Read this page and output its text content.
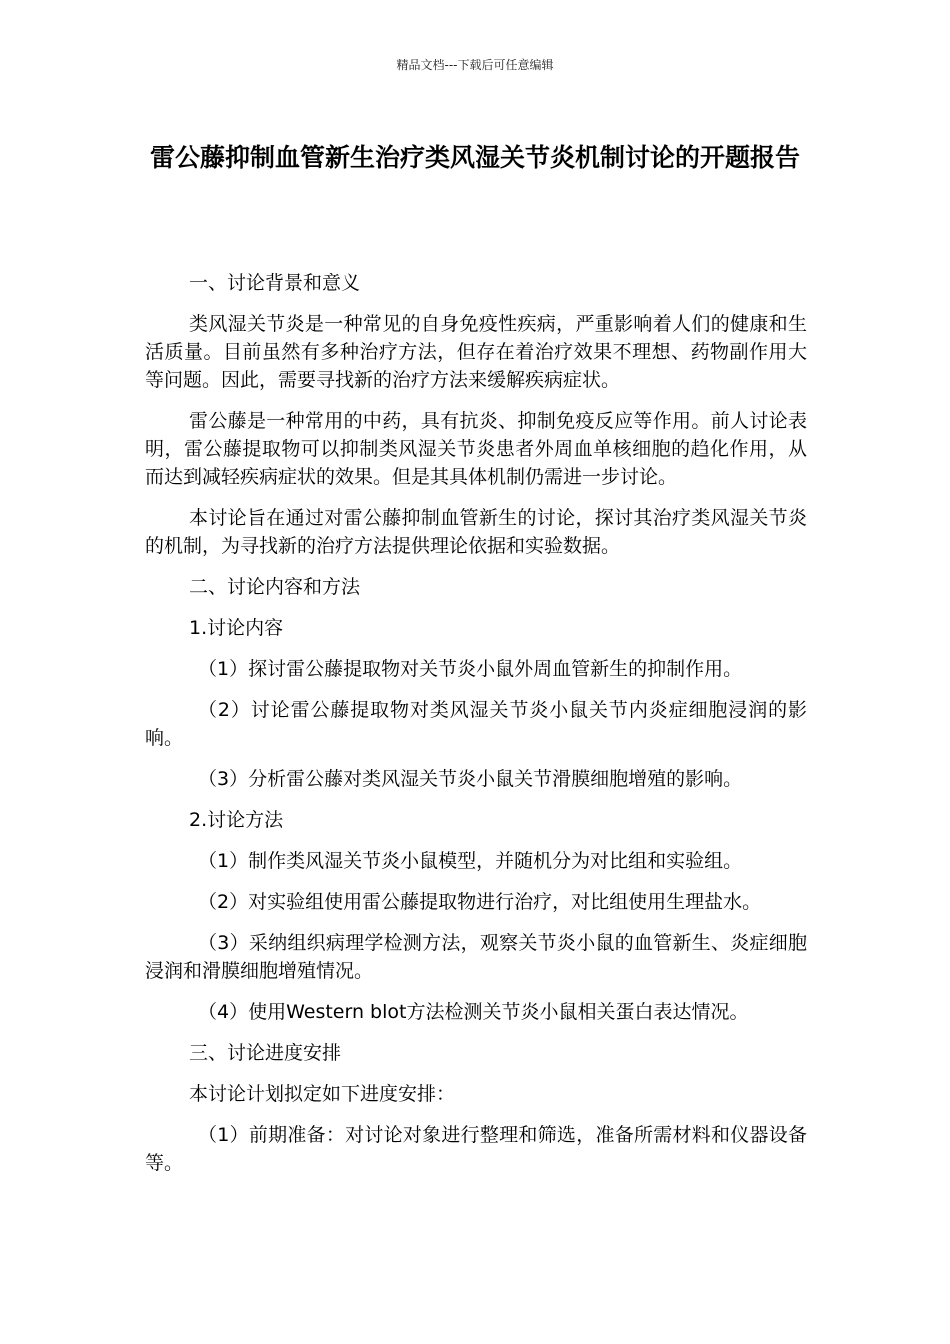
精品文档---下载后可任意编辑
雷公藤抑制血管新生治疗类风湿关节炎机制讨论的开题报告

一、讨论背景和意义

类风湿关节炎是一种常见的自身免疫性疾病，严重影响着人们的健康和生活质量。目前虽然有多种治疗方法，但存在着治疗效果不理想、药物副作用大等问题。因此，需要寻找新的治疗方法来缓解疾病症状。

雷公藤是一种常用的中药，具有抗炎、抑制免疫反应等作用。前人讨论表明，雷公藤提取物可以抑制类风湿关节炎患者外周血单核细胞的趋化作用，从而达到减轻疾病症状的效果。但是其具体机制仍需进一步讨论。

本讨论旨在通过对雷公藤抑制血管新生的讨论，探讨其治疗类风湿关节炎的机制，为寻找新的治疗方法提供理论依据和实验数据。

二、讨论内容和方法

1.讨论内容

（1）探讨雷公藤提取物对关节炎小鼠外周血管新生的抑制作用。

（2）讨论雷公藤提取物对类风湿关节炎小鼠关节内炎症细胞浸润的影响。

（3）分析雷公藤对类风湿关节炎小鼠关节滑膜细胞增殖的影响。

2.讨论方法

（1）制作类风湿关节炎小鼠模型，并随机分为对比组和实验组。

（2）对实验组使用雷公藤提取物进行治疗，对比组使用生理盐水。

（3）采纳组织病理学检测方法，观察关节炎小鼠的血管新生、炎症细胞浸润和滑膜细胞增殖情况。

（4）使用Western blot方法检测关节炎小鼠相关蛋白表达情况。

三、讨论进度安排

本讨论计划拟定如下进度安排：

（1）前期准备：对讨论对象进行整理和筛选，准备所需材料和仪器设备等。
